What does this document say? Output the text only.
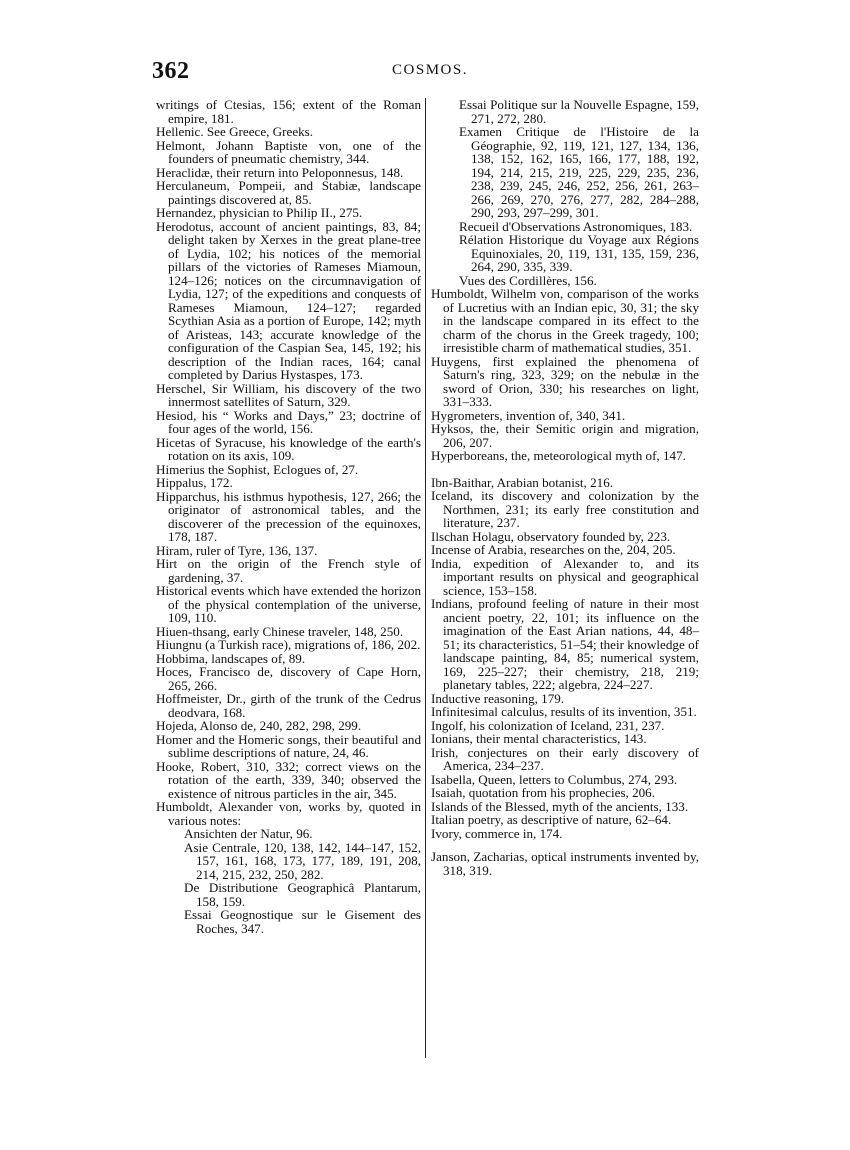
362	COSMOS.

writings of Ctesias, 156; extent of the Roman empire, 181.

Hellenic. See Greece, Greeks.

Helmont, Johann Baptiste von, one of the founders of pneumatic chemistry, 344.

Heraclidæ, their return into Peloponnesus, 148.

Herculaneum, Pompeii, and Stabiæ, landscape paintings discovered at, 85.

Hernandez, physician to Philip II., 275.

Herodotus, account of ancient paintings, 83, 84; delight taken by Xerxes in the great plane-tree of Lydia, 102; his notices of the memorial pillars of the victories of Rameses Miamoun, 124–126; notices on the circumnavigation of Lydia, 127; of the expeditions and conquests of Rameses Miamoun, 124–127; regarded Scythian Asia as a portion of Europe, 142; myth of Aristeas, 143; accurate knowledge of the configuration of the Caspian Sea, 145, 192; his description of the Indian races, 164; canal completed by Darius Hystaspes, 173.

Herschel, Sir William, his discovery of the two innermost satellites of Saturn, 329.

Hesiod, his “ Works and Days,” 23; doctrine of four ages of the world, 156.

Hicetas of Syracuse, his knowledge of the earth's rotation on its axis, 109.

Himerius the Sophist, Eclogues of, 27.

Hippalus, 172.

Hipparchus, his isthmus hypothesis, 127, 266; the originator of astronomical tables, and the discoverer of the precession of the equinoxes, 178, 187.

Hiram, ruler of Tyre, 136, 137.

Hirt on the origin of the French style of gardening, 37.

Historical events which have extended the horizon of the physical contemplation of the universe, 109, 110.

Hiuen-thsang, early Chinese traveler, 148, 250.

Hiungnu (a Turkish race), migrations of, 186, 202.

Hobbima, landscapes of, 89.

Hoces, Francisco de, discovery of Cape Horn, 265, 266.

Hoffmeister, Dr., girth of the trunk of the Cedrus deodvara, 168.

Hojeda, Alonso de, 240, 282, 298, 299.

Homer and the Homeric songs, their beautiful and sublime descriptions of nature, 24, 46.

Hooke, Robert, 310, 332; correct views on the rotation of the earth, 339, 340; observed the existence of nitrous particles in the air, 345.

Humboldt, Alexander von, works by, quoted in various notes:

Ansichten der Natur, 96.

Asie Centrale, 120, 138, 142, 144–147, 152, 157, 161, 168, 173, 177, 189, 191, 208, 214, 215, 232, 250, 282.

De Distributione Geographicâ Plantarum, 158, 159.

Essai Geognostique sur le Gisement des Roches, 347.

Essai Politique sur la Nouvelle Espagne, 159, 271, 272, 280.

Examen Critique de l'Histoire de la Géographie, 92, 119, 121, 127, 134, 136, 138, 152, 162, 165, 166, 177, 188, 192, 194, 214, 215, 219, 225, 229, 235, 236, 238, 239, 245, 246, 252, 256, 261, 263–266, 269, 270, 276, 277, 282, 284–288, 290, 293, 297–299, 301.

Recueil d'Observations Astronomiques, 183.

Rélation Historique du Voyage aux Régions Equinoxiales, 20, 119, 131, 135, 159, 236, 264, 290, 335, 339.

Vues des Cordillères, 156.

Humboldt, Wilhelm von, comparison of the works of Lucretius with an Indian epic, 30, 31; the sky in the landscape compared in its effect to the charm of the chorus in the Greek tragedy, 100; irresistible charm of mathematical studies, 351.

Huygens, first explained the phenomena of Saturn's ring, 323, 329; on the nebulæ in the sword of Orion, 330; his researches on light, 331–333.

Hygrometers, invention of, 340, 341.

Hyksos, the, their Semitic origin and migration, 206, 207.

Hyperboreans, the, meteorological myth of, 147.

Ibn-Baithar, Arabian botanist, 216.

Iceland, its discovery and colonization by the Northmen, 231; its early free constitution and literature, 237.

Ilschan Holagu, observatory founded by, 223.

Incense of Arabia, researches on the, 204, 205.

India, expedition of Alexander to, and its important results on physical and geographical science, 153–158.

Indians, profound feeling of nature in their most ancient poetry, 22, 101; its influence on the imagination of the East Arian nations, 44, 48–51; its characteristics, 51–54; their knowledge of landscape painting, 84, 85; numerical system, 169, 225–227; their chemistry, 218, 219; planetary tables, 222; algebra, 224–227.

Inductive reasoning, 179.

Infinitesimal calculus, results of its invention, 351.

Ingolf, his colonization of Iceland, 231, 237.

Ionians, their mental characteristics, 143.

Irish, conjectures on their early discovery of America, 234–237.

Isabella, Queen, letters to Columbus, 274, 293.

Isaiah, quotation from his prophecies, 206.

Islands of the Blessed, myth of the ancients, 133.

Italian poetry, as descriptive of nature, 62–64.

Ivory, commerce in, 174.

Janson, Zacharias, optical instruments invented by, 318, 319.
